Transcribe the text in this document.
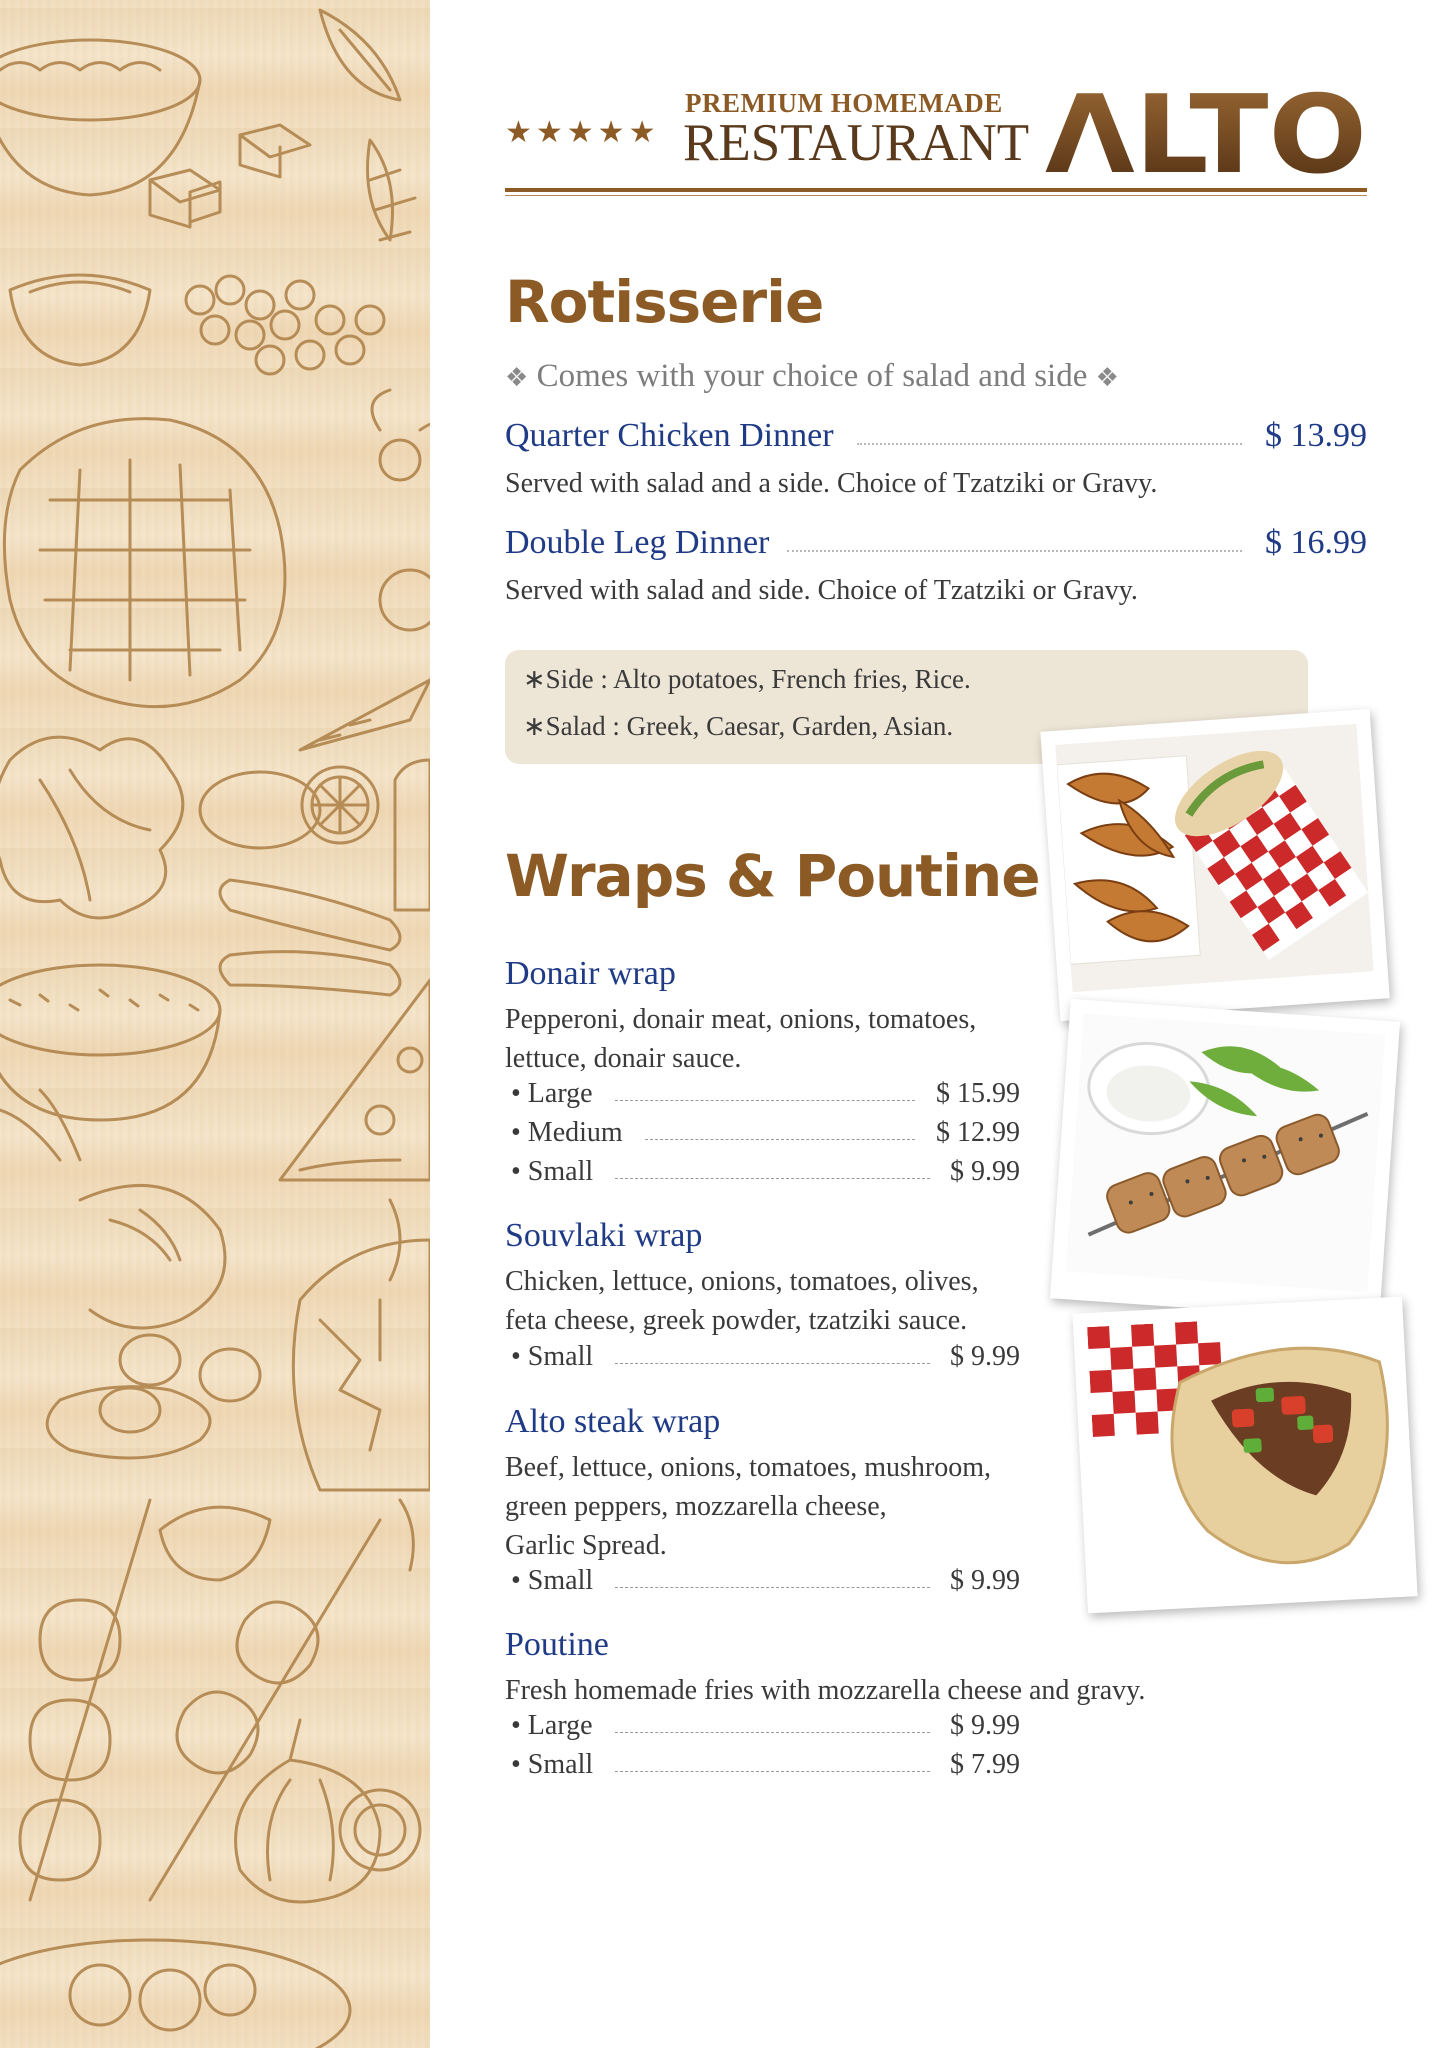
★★★★★
PREMIUM HOMEMADE
RESTAURANT ΛLTO
Rotisserie
❖ Comes with your choice of salad and side ❖
Quarter Chicken Dinner	$ 13.99
Served with salad and a side. Choice of Tzatziki or Gravy.
Double Leg Dinner	$ 16.99
Served with salad and side. Choice of Tzatziki or Gravy.
∗Side : Alto potatoes, French fries, Rice.
∗Salad : Greek, Caesar, Garden, Asian.
Wraps & Poutine
Donair wrap
Pepperoni, donair meat, onions, tomatoes,
lettuce, donair sauce.
• Large	$ 15.99
• Medium	$ 12.99
• Small	$ 9.99
Souvlaki wrap
Chicken, lettuce, onions, tomatoes, olives,
feta cheese, greek powder, tzatziki sauce.
• Small	$ 9.99
Alto steak wrap
Beef, lettuce, onions, tomatoes, mushroom,
green peppers, mozzarella cheese,
Garlic Spread.
• Small	$ 9.99
Poutine
Fresh homemade fries with mozzarella cheese and gravy.
• Large	$ 9.99
• Small	$ 7.99
